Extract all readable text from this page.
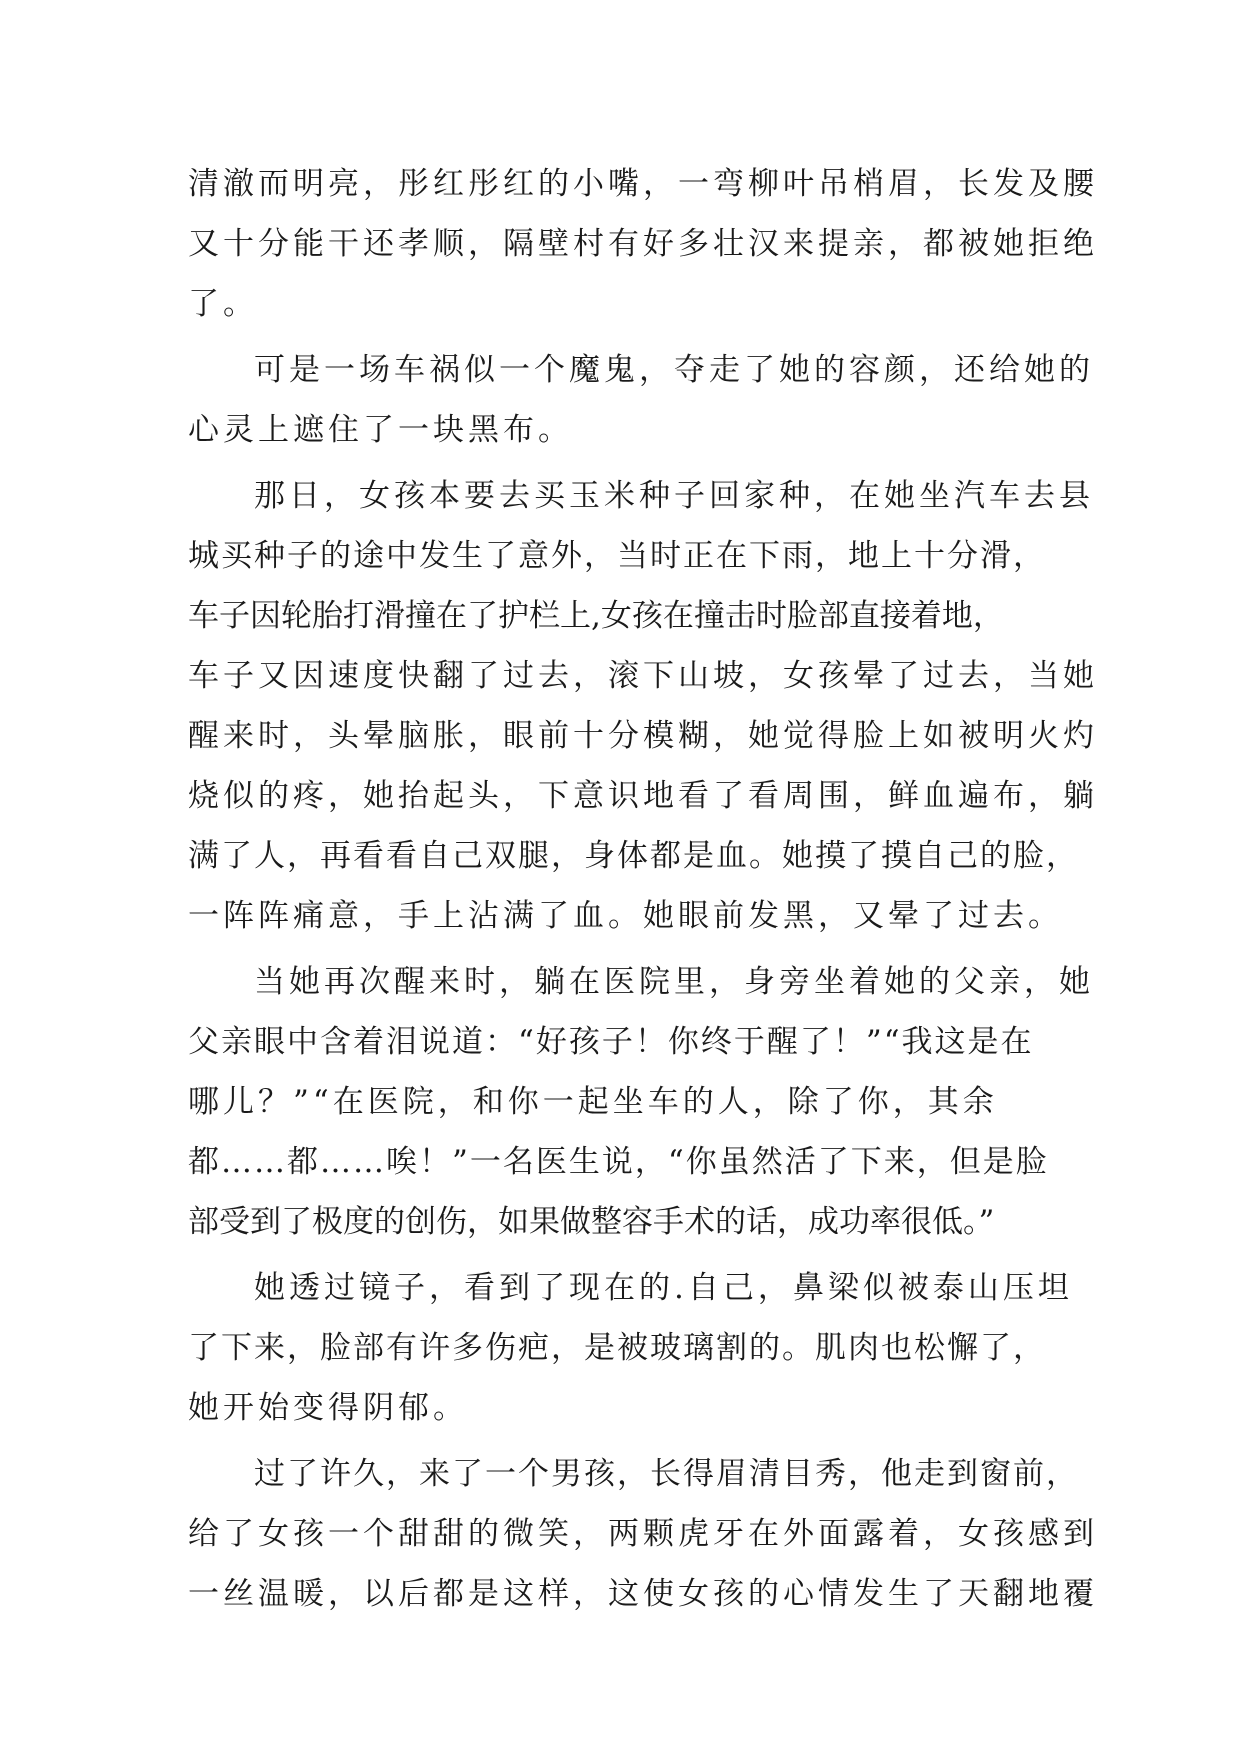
清澈而明亮，彤红彤红的小嘴，一弯柳叶吊梢眉，长发及腰
又十分能干还孝顺，隔壁村有好多壮汉来提亲，都被她拒绝
了。
可是一场车祸似一个魔鬼，夺走了她的容颜，还给她的
心灵上遮住了一块黑布。
那日，女孩本要去买玉米种子回家种，在她坐汽车去县
城买种子的途中发生了意外，当时正在下雨，地上十分滑，
车子因轮胎打滑撞在了护栏上,女孩在撞击时脸部直接着地，
车子又因速度快翻了过去，滚下山坡，女孩晕了过去，当她
醒来时，头晕脑胀，眼前十分模糊，她觉得脸上如被明火灼
烧似的疼，她抬起头，下意识地看了看周围，鲜血遍布，躺
满了人，再看看自己双腿，身体都是血。她摸了摸自己的脸，
一阵阵痛意，手上沾满了血。她眼前发黑，又晕了过去。
当她再次醒来时，躺在医院里，身旁坐着她的父亲，她
父亲眼中含着泪说道：“好孩子！你终于醒了！”“我这是在
哪儿？”“在医院，和你一起坐车的人，除了你，其余
都……都……唉！”一名医生说，“你虽然活了下来，但是脸
部受到了极度的创伤，如果做整容手术的话，成功率很低。”
她透过镜子，看到了现在的.自己，鼻梁似被泰山压坦
了下来，脸部有许多伤疤，是被玻璃割的。肌肉也松懈了，
她开始变得阴郁。
过了许久，来了一个男孩，长得眉清目秀，他走到窗前，
给了女孩一个甜甜的微笑，两颗虎牙在外面露着，女孩感到
一丝温暖，以后都是这样，这使女孩的心情发生了天翻地覆
